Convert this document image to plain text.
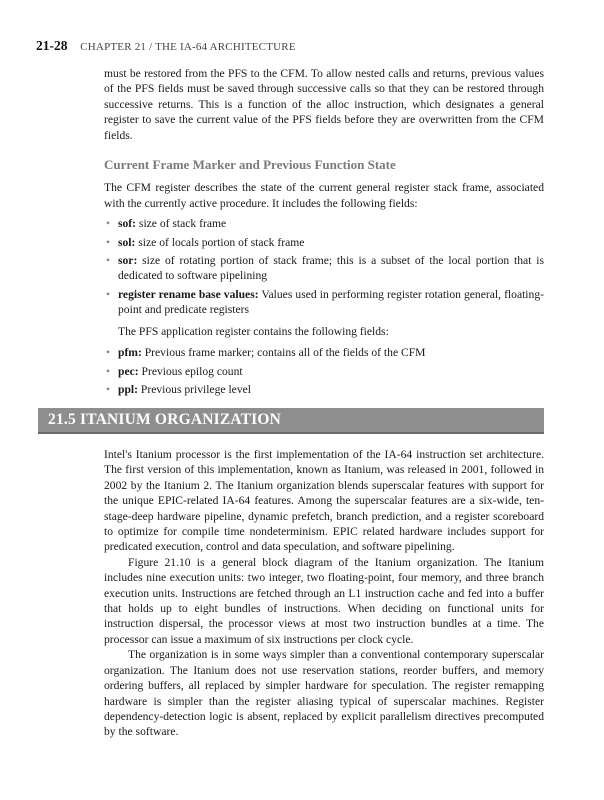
21-28 CHAPTER 21 / THE IA-64 ARCHITECTURE

must be restored from the PFS to the CFM. To allow nested calls and returns, previous values of the PFS fields must be saved through successive calls so that they can be restored through successive returns. This is a function of the alloc instruction, which designates a general register to save the current value of the PFS fields before they are overwritten from the CFM fields.

Current Frame Marker and Previous Function State

The CFM register describes the state of the current general register stack frame, associated with the currently active procedure. It includes the following fields:

• sof: size of stack frame
• sol: size of locals portion of stack frame
• sor: size of rotating portion of stack frame; this is a subset of the local portion that is dedicated to software pipelining
• register rename base values: Values used in performing register rotation general, floating-point and predicate registers

The PFS application register contains the following fields:

• pfm: Previous frame marker; contains all of the fields of the CFM
• pec: Previous epilog count
• ppl: Previous privilege level
21.5 ITANIUM ORGANIZATION

Intel's Itanium processor is the first implementation of the IA-64 instruction set architecture. The first version of this implementation, known as Itanium, was released in 2001, followed in 2002 by the Itanium 2. The Itanium organization blends superscalar features with support for the unique EPIC-related IA-64 features. Among the superscalar features are a six-wide, ten-stage-deep hardware pipeline, dynamic prefetch, branch prediction, and a register scoreboard to optimize for compile time nondeterminism. EPIC related hardware includes support for predicated execution, control and data speculation, and software pipelining.

Figure 21.10 is a general block diagram of the Itanium organization. The Itanium includes nine execution units: two integer, two floating-point, four memory, and three branch execution units. Instructions are fetched through an L1 instruction cache and fed into a buffer that holds up to eight bundles of instructions. When deciding on functional units for instruction dispersal, the processor views at most two instruction bundles at a time. The processor can issue a maximum of six instructions per clock cycle.

The organization is in some ways simpler than a conventional contemporary superscalar organization. The Itanium does not use reservation stations, reorder buffers, and memory ordering buffers, all replaced by simpler hardware for speculation. The register remapping hardware is simpler than the register aliasing typical of superscalar machines. Register dependency-detection logic is absent, replaced by explicit parallelism directives precomputed by the software.
